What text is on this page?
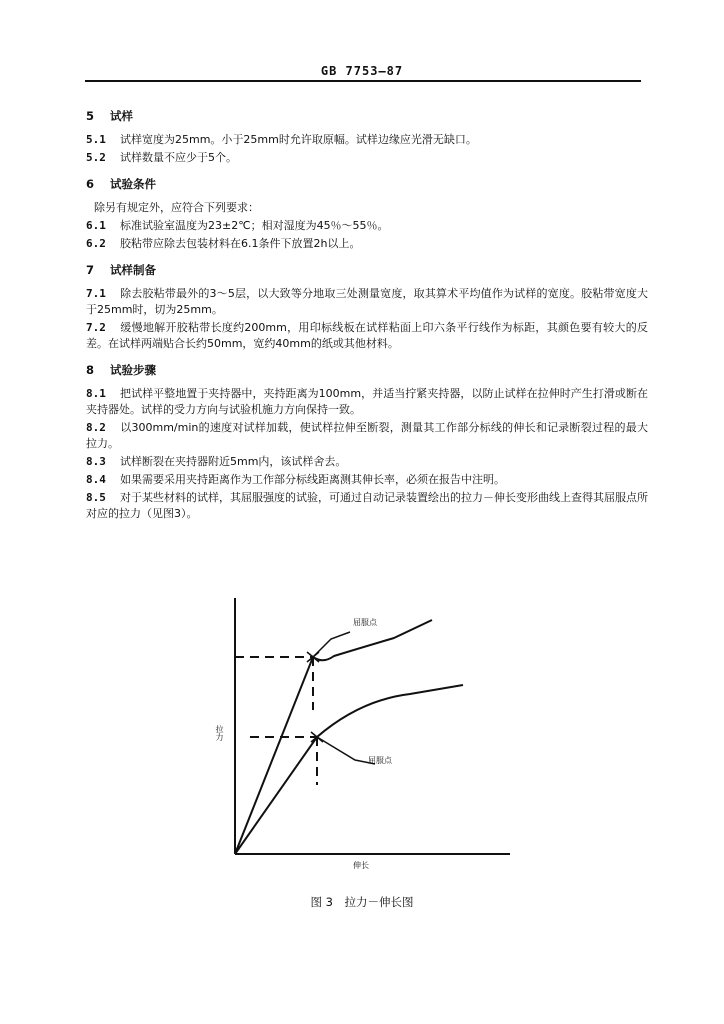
GB 7753—87
5 试样
5.1 试样宽度为25mm。小于25mm时允许取原幅。试样边缘应光滑无缺口。
5.2 试样数量不应少于5个。
6 试验条件
除另有规定外，应符合下列要求：
6.1 标准试验室温度为23±2℃；相对湿度为45％～55％。
6.2 胶粘带应除去包装材料在6.1条件下放置2h以上。
7 试样制备
7.1 除去胶粘带最外的3～5层，以大致等分地取三处测量宽度，取其算术平均值作为试样的宽度。胶粘带宽度大于25mm时，切为25mm。
7.2 缓慢地解开胶粘带长度约200mm，用印标线板在试样粘面上印六条平行线作为标距，其颜色要有较大的反差。在试样两端贴合长约50mm，宽约40mm的纸或其他材料。
8 试验步骤
8.1 把试样平整地置于夹持器中，夹持距离为100mm，并适当拧紧夹持器，以防止试样在拉伸时产生打滑或断在夹持器处。试样的受力方向与试验机施力方向保持一致。
8.2 以300mm/min的速度对试样加载，使试样拉伸至断裂，测量其工作部分标线的伸长和记录断裂过程的最大拉力。
8.3 试样断裂在夹持器附近5mm内，该试样舍去。
8.4 如果需要采用夹持距离作为工作部分标线距离测其伸长率，必须在报告中注明。
8.5 对于某些材料的试样，其屈服强度的试验，可通过自动记录装置绘出的拉力－伸长变形曲线上查得其屈服点所对应的拉力（见图3）。
屈服点
屈服点
拉力
伸长
图 3　拉力－伸长图
